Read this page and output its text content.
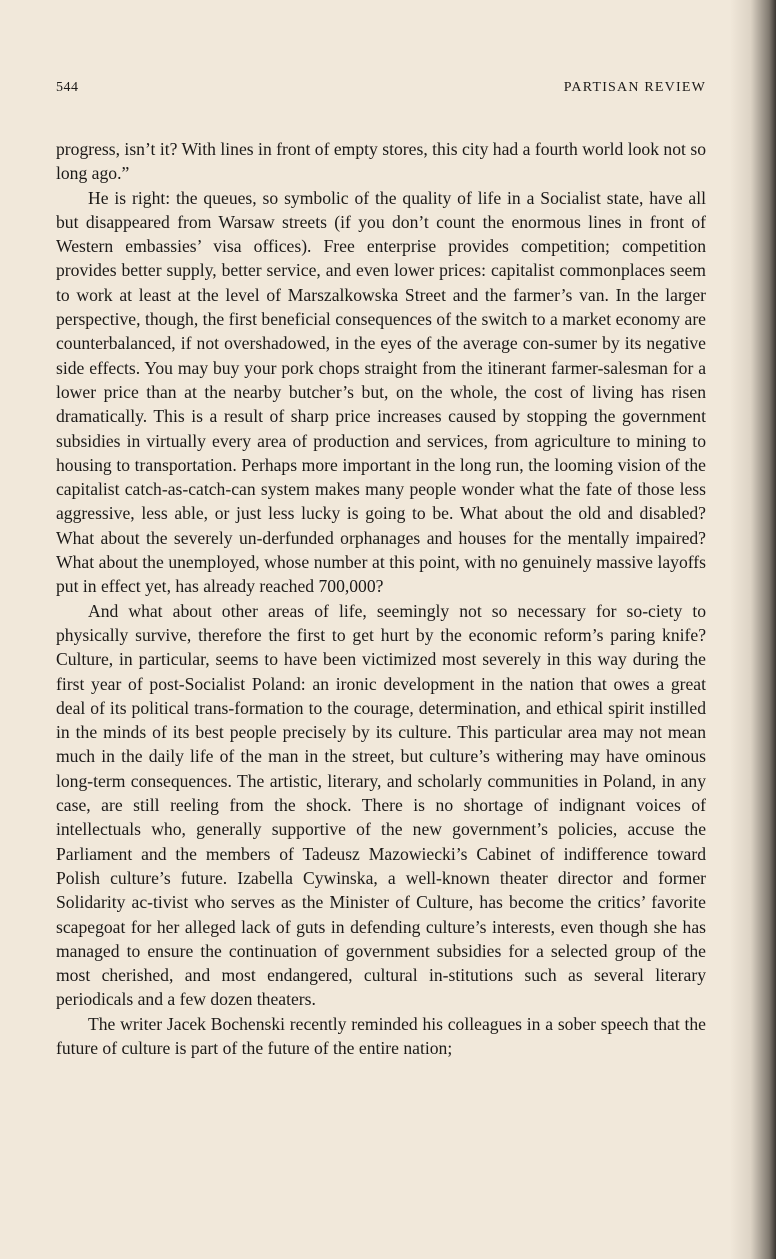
544	PARTISAN REVIEW

progress, isn’t it? With lines in front of empty stores, this city had a fourth world look not so long ago.”

He is right: the queues, so symbolic of the quality of life in a Socialist state, have all but disappeared from Warsaw streets (if you don’t count the enormous lines in front of Western embassies’ visa offices). Free enterprise provides competition; competition provides better supply, better service, and even lower prices: capitalist commonplaces seem to work at least at the level of Marszalkowska Street and the farmer’s van. In the larger perspective, though, the first beneficial consequences of the switch to a market economy are counterbalanced, if not overshadowed, in the eyes of the average con-sumer by its negative side effects. You may buy your pork chops straight from the itinerant farmer-salesman for a lower price than at the nearby butcher’s but, on the whole, the cost of living has risen dramatically. This is a result of sharp price increases caused by stopping the government subsidies in virtually every area of production and services, from agriculture to mining to housing to transportation. Perhaps more important in the long run, the looming vision of the capitalist catch-as-catch-can system makes many people wonder what the fate of those less aggressive, less able, or just less lucky is going to be. What about the old and disabled? What about the severely un-derfunded orphanages and houses for the mentally impaired? What about the unemployed, whose number at this point, with no genuinely massive layoffs put in effect yet, has already reached 700,000?

And what about other areas of life, seemingly not so necessary for so-ciety to physically survive, therefore the first to get hurt by the economic reform’s paring knife? Culture, in particular, seems to have been victimized most severely in this way during the first year of post-Socialist Poland: an ironic development in the nation that owes a great deal of its political trans-formation to the courage, determination, and ethical spirit instilled in the minds of its best people precisely by its culture. This particular area may not mean much in the daily life of the man in the street, but culture’s withering may have ominous long-term consequences. The artistic, literary, and scholarly communities in Poland, in any case, are still reeling from the shock. There is no shortage of indignant voices of intellectuals who, generally supportive of the new government’s policies, accuse the Parliament and the members of Tadeusz Mazowiecki’s Cabinet of indifference toward Polish culture’s future. Izabella Cywinska, a well-known theater director and former Solidarity ac-tivist who serves as the Minister of Culture, has become the critics’ favorite scapegoat for her alleged lack of guts in defending culture’s interests, even though she has managed to ensure the continuation of government subsidies for a selected group of the most cherished, and most endangered, cultural in-stitutions such as several literary periodicals and a few dozen theaters.

The writer Jacek Bochenski recently reminded his colleagues in a sober speech that the future of culture is part of the future of the entire nation;
